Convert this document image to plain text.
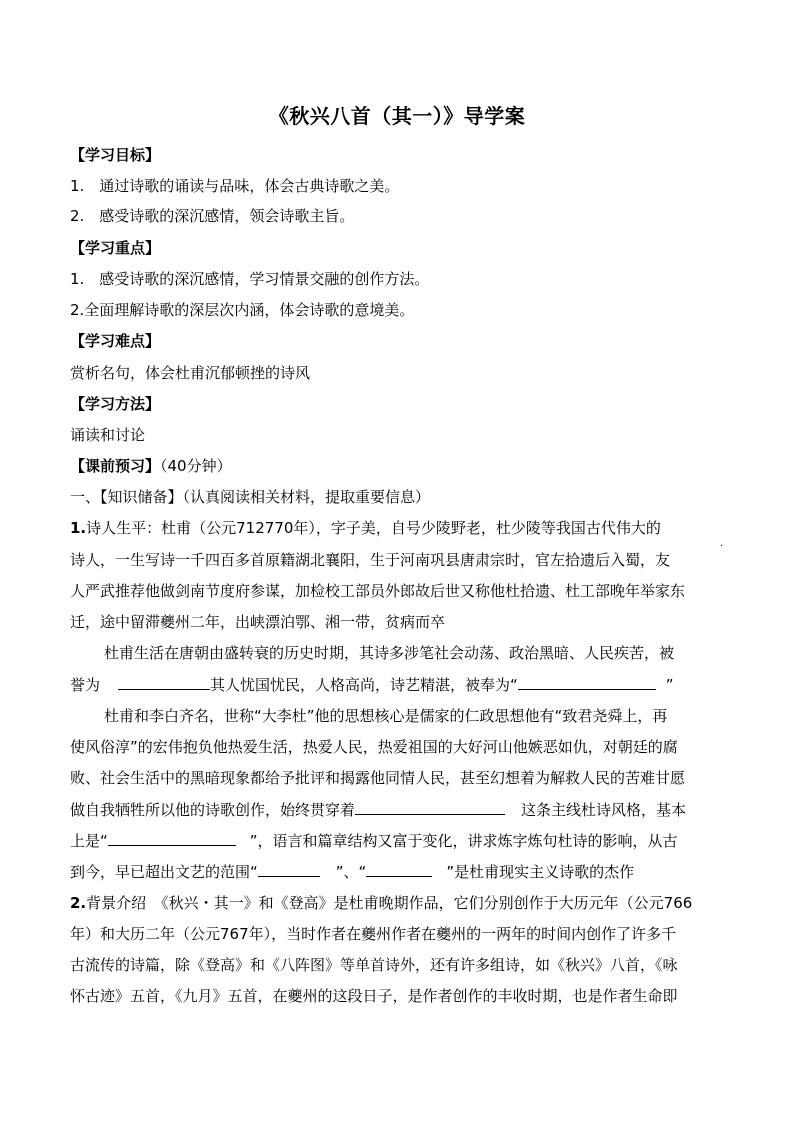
《秋兴八首（其一）》导学案
【学习目标】
1.　通过诗歌的诵读与品味，体会古典诗歌之美。
2.　感受诗歌的深沉感情，领会诗歌主旨。
【学习重点】
1.　感受诗歌的深沉感情，学习情景交融的创作方法。
2.全面理解诗歌的深层次内涵，体会诗歌的意境美。
【学习难点】
赏析名句，体会杜甫沉郁顿挫的诗风
【学习方法】
诵读和讨论
【课前预习】（40分钟）
一、【知识储备】（认真阅读相关材料，提取重要信息）
1.诗人生平：杜甫（公元712770年），字子美，自号少陵野老，杜少陵等我国古代伟大的
.
诗人，一生写诗一千四百多首原籍湖北襄阳，生于河南巩县唐肃宗时，官左拾遗后入蜀，友
人严武推荐他做剑南节度府参谋，加检校工部员外郎故后世又称他杜拾遗、杜工部晚年举家东
迁，途中留滞夔州二年，出峡漂泊鄂、湘一带，贫病而卒
杜甫生活在唐朝由盛转衰的历史时期，其诗多涉笔社会动荡、政治黑暗、人民疾苦，被
誉为	其人忧国忧民，人格高尚，诗艺精湛，被奉为“	”
杜甫和李白齐名，世称“大李杜”他的思想核心是儒家的仁政思想他有“致君尧舜上，再
使风俗淳”的宏伟抱负他热爱生活，热爱人民，热爱祖国的大好河山他嫉恶如仇，对朝廷的腐
败、社会生活中的黑暗现象都给予批评和揭露他同情人民，甚至幻想着为解救人民的苦难甘愿
做自我牺牲所以他的诗歌创作，始终贯穿着	这条主线杜诗风格，基本
上是“	”，语言和篇章结构又富于变化，讲求炼字炼句杜诗的影响，从古
到今，早已超出文艺的范围“	”、“	”是杜甫现实主义诗歌的杰作
2.背景介绍　《秋兴・其一》和《登高》是杜甫晚期作品，它们分别创作于大历元年（公元766
年）和大历二年（公元767年），当时作者在夔州作者在夔州的一两年的时间内创作了许多千
古流传的诗篇，除《登高》和《八阵图》等单首诗外，还有许多组诗，如《秋兴》八首，《咏
怀古迹》五首，《九月》五首，在夔州的这段日子，是作者创作的丰收时期，也是作者生命即
